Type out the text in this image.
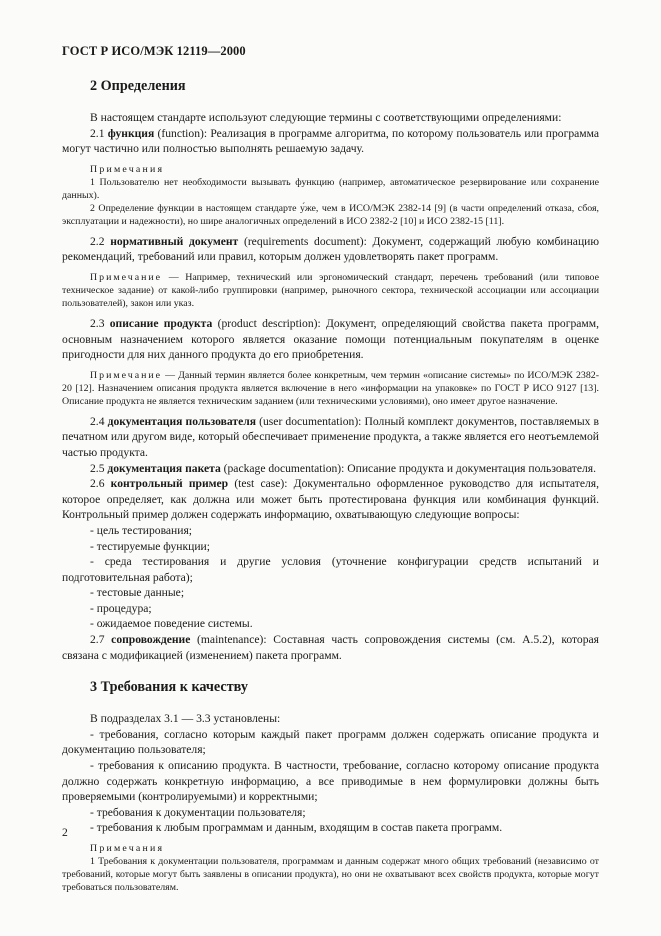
ГОСТ Р ИСО/МЭК 12119—2000
2 Определения

В настоящем стандарте используют следующие термины с соответствующими определениями:

2.1 функция (function): Реализация в программе алгоритма, по которому пользователь или программа могут частично или полностью выполнять решаемую задачу.

Примечания

1 Пользователю нет необходимости вызывать функцию (например, автоматическое резервирование или сохранение данных).

2 Определение функции в настоящем стандарте у́же, чем в ИСО/МЭК 2382-14 [9] (в части определений отказа, сбоя, эксплуатации и надежности), но шире аналогичных определений в ИСО 2382-2 [10] и ИСО 2382-15 [11].

2.2 нормативный документ (requirements document): Документ, содержащий любую комбинацию рекомендаций, требований или правил, которым должен удовлетворять пакет программ.

Примечание — Например, технический или эргономический стандарт, перечень требований (или типовое техническое задание) от какой-либо группировки (например, рыночного сектора, технической ассоциации или ассоциации пользователей), закон или указ.

2.3 описание продукта (product description): Документ, определяющий свойства пакета программ, основным назначением которого является оказание помощи потенциальным покупателям в оценке пригодности для них данного продукта до его приобретения.

Примечание — Данный термин является более конкретным, чем термин «описание системы» по ИСО/МЭК 2382-20 [12]. Назначением описания продукта является включение в него «информации на упаковке» по ГОСТ Р ИСО 9127 [13]. Описание продукта не является техническим заданием (или техническими условиями), оно имеет другое назначение.

2.4 документация пользователя (user documentation): Полный комплект документов, поставляемых в печатном или другом виде, который обеспечивает применение продукта, а также является его неотъемлемой частью продукта.

2.5 документация пакета (package documentation): Описание продукта и документация пользователя.

2.6 контрольный пример (test case): Документально оформленное руководство для испытателя, которое определяет, как должна или может быть протестирована функция или комбинация функций. Контрольный пример должен содержать информацию, охватывающую следующие вопросы:

- цель тестирования;

- тестируемые функции;

- среда тестирования и другие условия (уточнение конфигурации средств испытаний и подготовительная работа);

- тестовые данные;

- процедура;

- ожидаемое поведение системы.

2.7 сопровождение (maintenance): Составная часть сопровождения системы (см. А.5.2), которая связана с модификацией (изменением) пакета программ.

3 Требования к качеству

В подразделах 3.1 — 3.3 установлены:

- требования, согласно которым каждый пакет программ должен содержать описание продукта и документацию пользователя;

- требования к описанию продукта. В частности, требование, согласно которому описание продукта должно содержать конкретную информацию, а все приводимые в нем формулировки должны быть проверяемыми (контролируемыми) и корректными;

- требования к документации пользователя;

- требования к любым программам и данным, входящим в состав пакета программ.

Примечания

1 Требования к документации пользователя, программам и данным содержат много общих требований (независимо от требований, которые могут быть заявлены в описании продукта), но они не охватывают всех свойств продукта, которые могут требоваться пользователям.

2
